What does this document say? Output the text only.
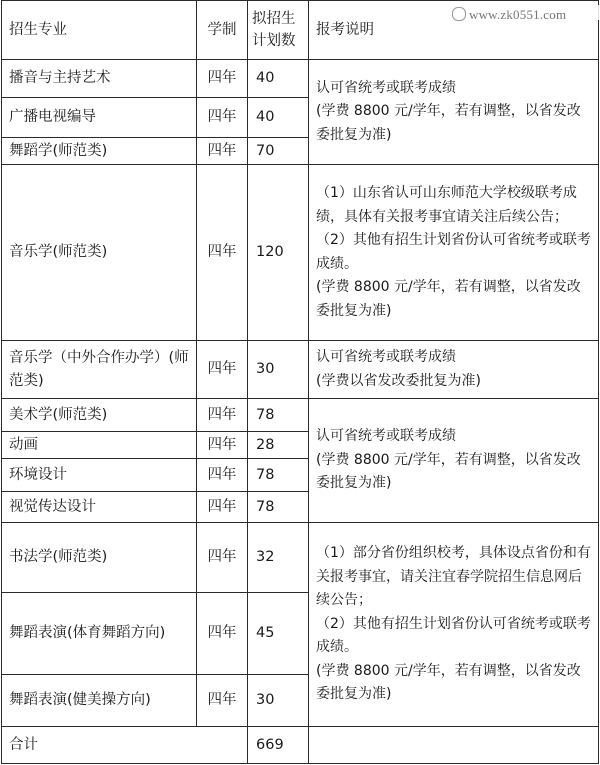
招生专业	学制	拟招生
计划数	报考说明
播音与主持艺术	四年	40	认可省统考或联考成绩

(学费 8800 元/学年，若有调整，以省发改委批复为准)

广播电视编导	四年	40	
舞蹈学(师范类)	四年	70	
音乐学(师范类)	四年	120	（1）山东省认可山东师范大学校级联考成绩，具体有关报考事宜请关注后续公告；

（2）其他有招生计划省份认可省统考或联考成绩。

(学费 8800 元/学年，若有调整，以省发改委批复为准)

音乐学（中外合作办学）(师范类)	四年	30	认可省统考或联考成绩

(学费以省发改委批复为准)

美术学(师范类)	四年	78	认可省统考或联考成绩

(学费 8800 元/学年，若有调整，以省发改委批复为准)

动画	四年	28	
环境设计	四年	78	
视觉传达设计	四年	78	
书法学(师范类)	四年	32	（1）部分省份组织校考，具体设点省份和有关报考事宜，请关注宜春学院招生信息网后续公告；

（2）其他有招生计划省份认可省统考或联考成绩。

(学费 8800 元/学年，若有调整，以省发改委批复为准)

舞蹈表演(体育舞蹈方向)	四年	45	
舞蹈表演(健美操方向)	四年	30	
合计		669	
www.zk0551.com
